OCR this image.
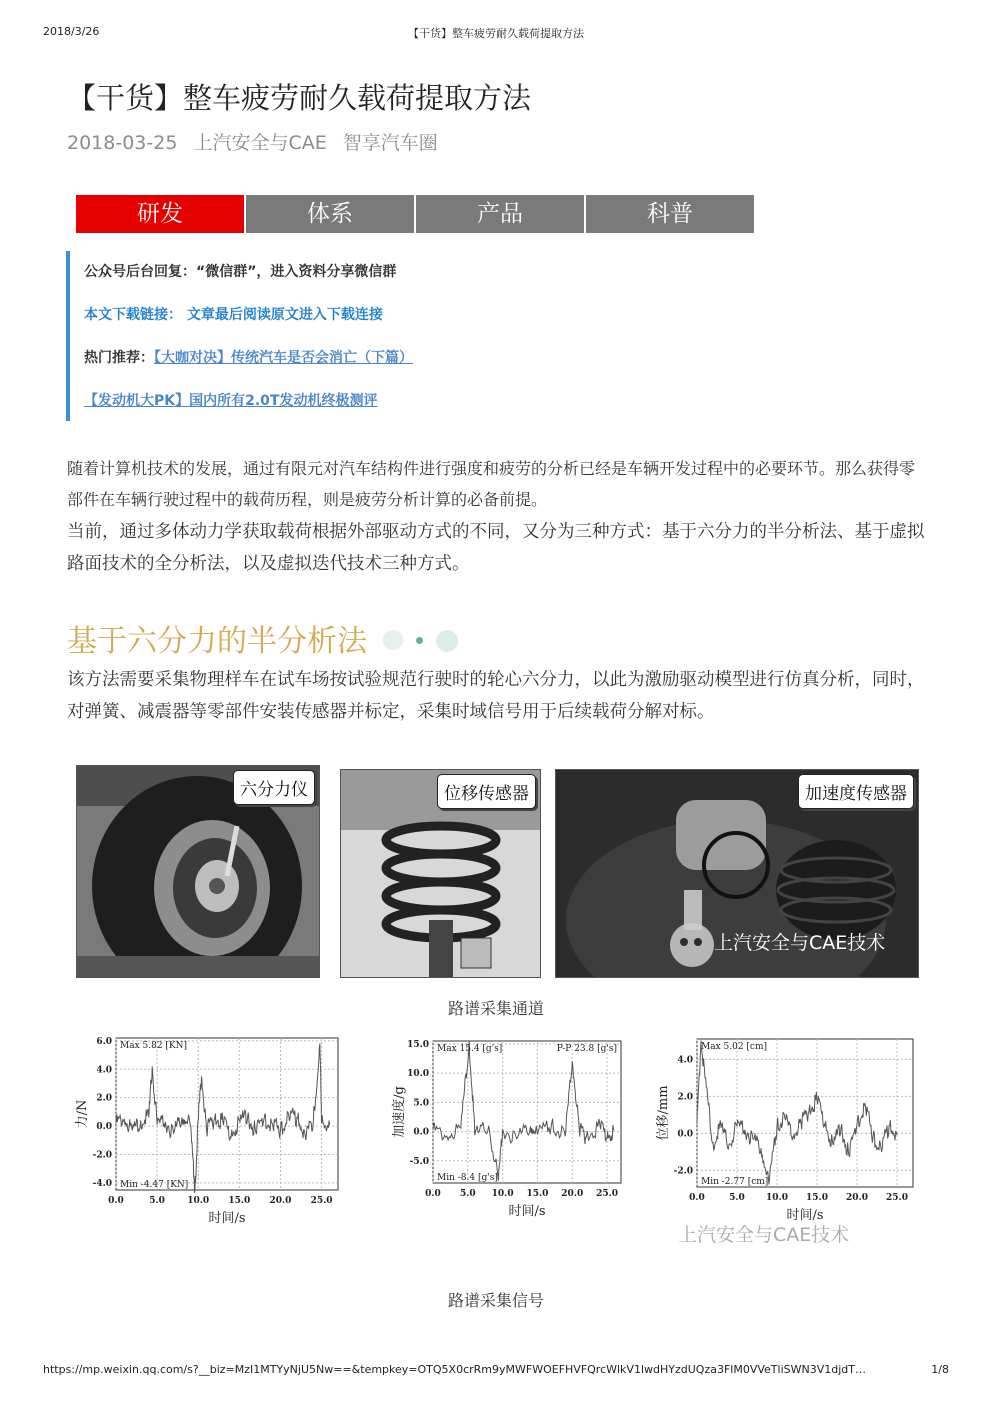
2018/3/26	【干货】整车疲劳耐久载荷提取方法
【干货】整车疲劳耐久载荷提取方法
2018-03-25 上汽安全与CAE 智享汽车圈
研发	体系	产品	科普
公众号后台回复：“微信群”，进入资料分享微信群
本文下载链接： 文章最后阅读原文进入下载连接
热门推荐：【大咖对决】传统汽车是否会消亡（下篇）
【发动机大PK】国内所有2.0T发动机终极测评

随着计算机技术的发展，通过有限元对汽车结构件进行强度和疲劳的分析已经是车辆开发过程中的必要环节。那么获得零部件在车辆行驶过程中的载荷历程，则是疲劳分析计算的必备前提。

当前，通过多体动力学获取载荷根据外部驱动方式的不同，又分为三种方式：基于六分力的半分析法、基于虚拟路面技术的全分析法，以及虚拟迭代技术三种方式。

基于六分力的半分析法

该方法需要采集物理样车在试车场按试验规范行驶时的轮心六分力，以此为激励驱动模型进行仿真分析，同时，对弹簧、减震器等零部件安装传感器并标定，采集时域信号用于后续载荷分解对标。

六分力仪	位移传感器	加速度传感器
上汽安全与CAE技术
路谱采集通道
0.0	5.0 10.0 15.0 20.0 25.0
6.0
4.0
2.0
0.0
-2.0
-4.0
Max 5.82 [KN]
Min -4.47 [KN]
时间/s
力/N
0.0 5.0 10.0 15.0 20.0 25.0
15.0
10.0
5.0
0.0
-5.0
Max 15.4 [g's]	P-P 23.8 [g's]
Min -8.4 [g's]
时间/s
加速度/g
0.0	5.0 10.0 15.0 20.0 25.0
4.0
2.0
0.0
-2.0
Max 5.02 [cm]
Min -2.77 [cm]
时间/s
位移/mm
上汽安全与CAE技术
路谱采集信号
https://mp.weixin.qq.com/s?__biz=MzI1MTYyNjU5Nw==&tempkey=OTQ5X0crRm9yMWFWOEFHVFQrcWlkV1lwdHYzdUQza3FlM0VVeTliSWN3V1djdT…	1/8
